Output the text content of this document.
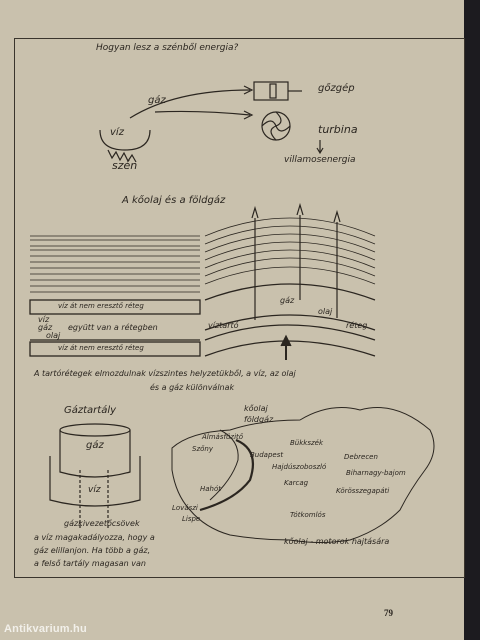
Hogyan lesz a szénből energia?
gáz
víz
szén
gőzgép
turbina
villamosenergia
A kőolaj és a földgáz
víz át nem eresztő réteg
víz
gáz együtt van a rétegben
olaj
víz át nem eresztő réteg
gáz
olaj
víztartó	réteg
A tartórétegek elmozdulnak vízszintes helyzetükből, a víz, az olaj
és a gáz különválnak
Gáztartály
gáz
víz
gázkivezetőcsövek
a víz magakadályozza, hogy a
gáz elillanjon. Ha több a gáz,
a felső tartály magasan van
kőolaj
földgáz
Almásfüzitő
Szőny
Budapest
Bükkszék
Hajdúszoboszló
Debrecen
Biharnagy-bajom
Karcag
Körösszegapáti
Hahót
Lovászi
Lispe	Tótkomlós
kőolaj - motorok hajtására
79
Antikvarium.hu
